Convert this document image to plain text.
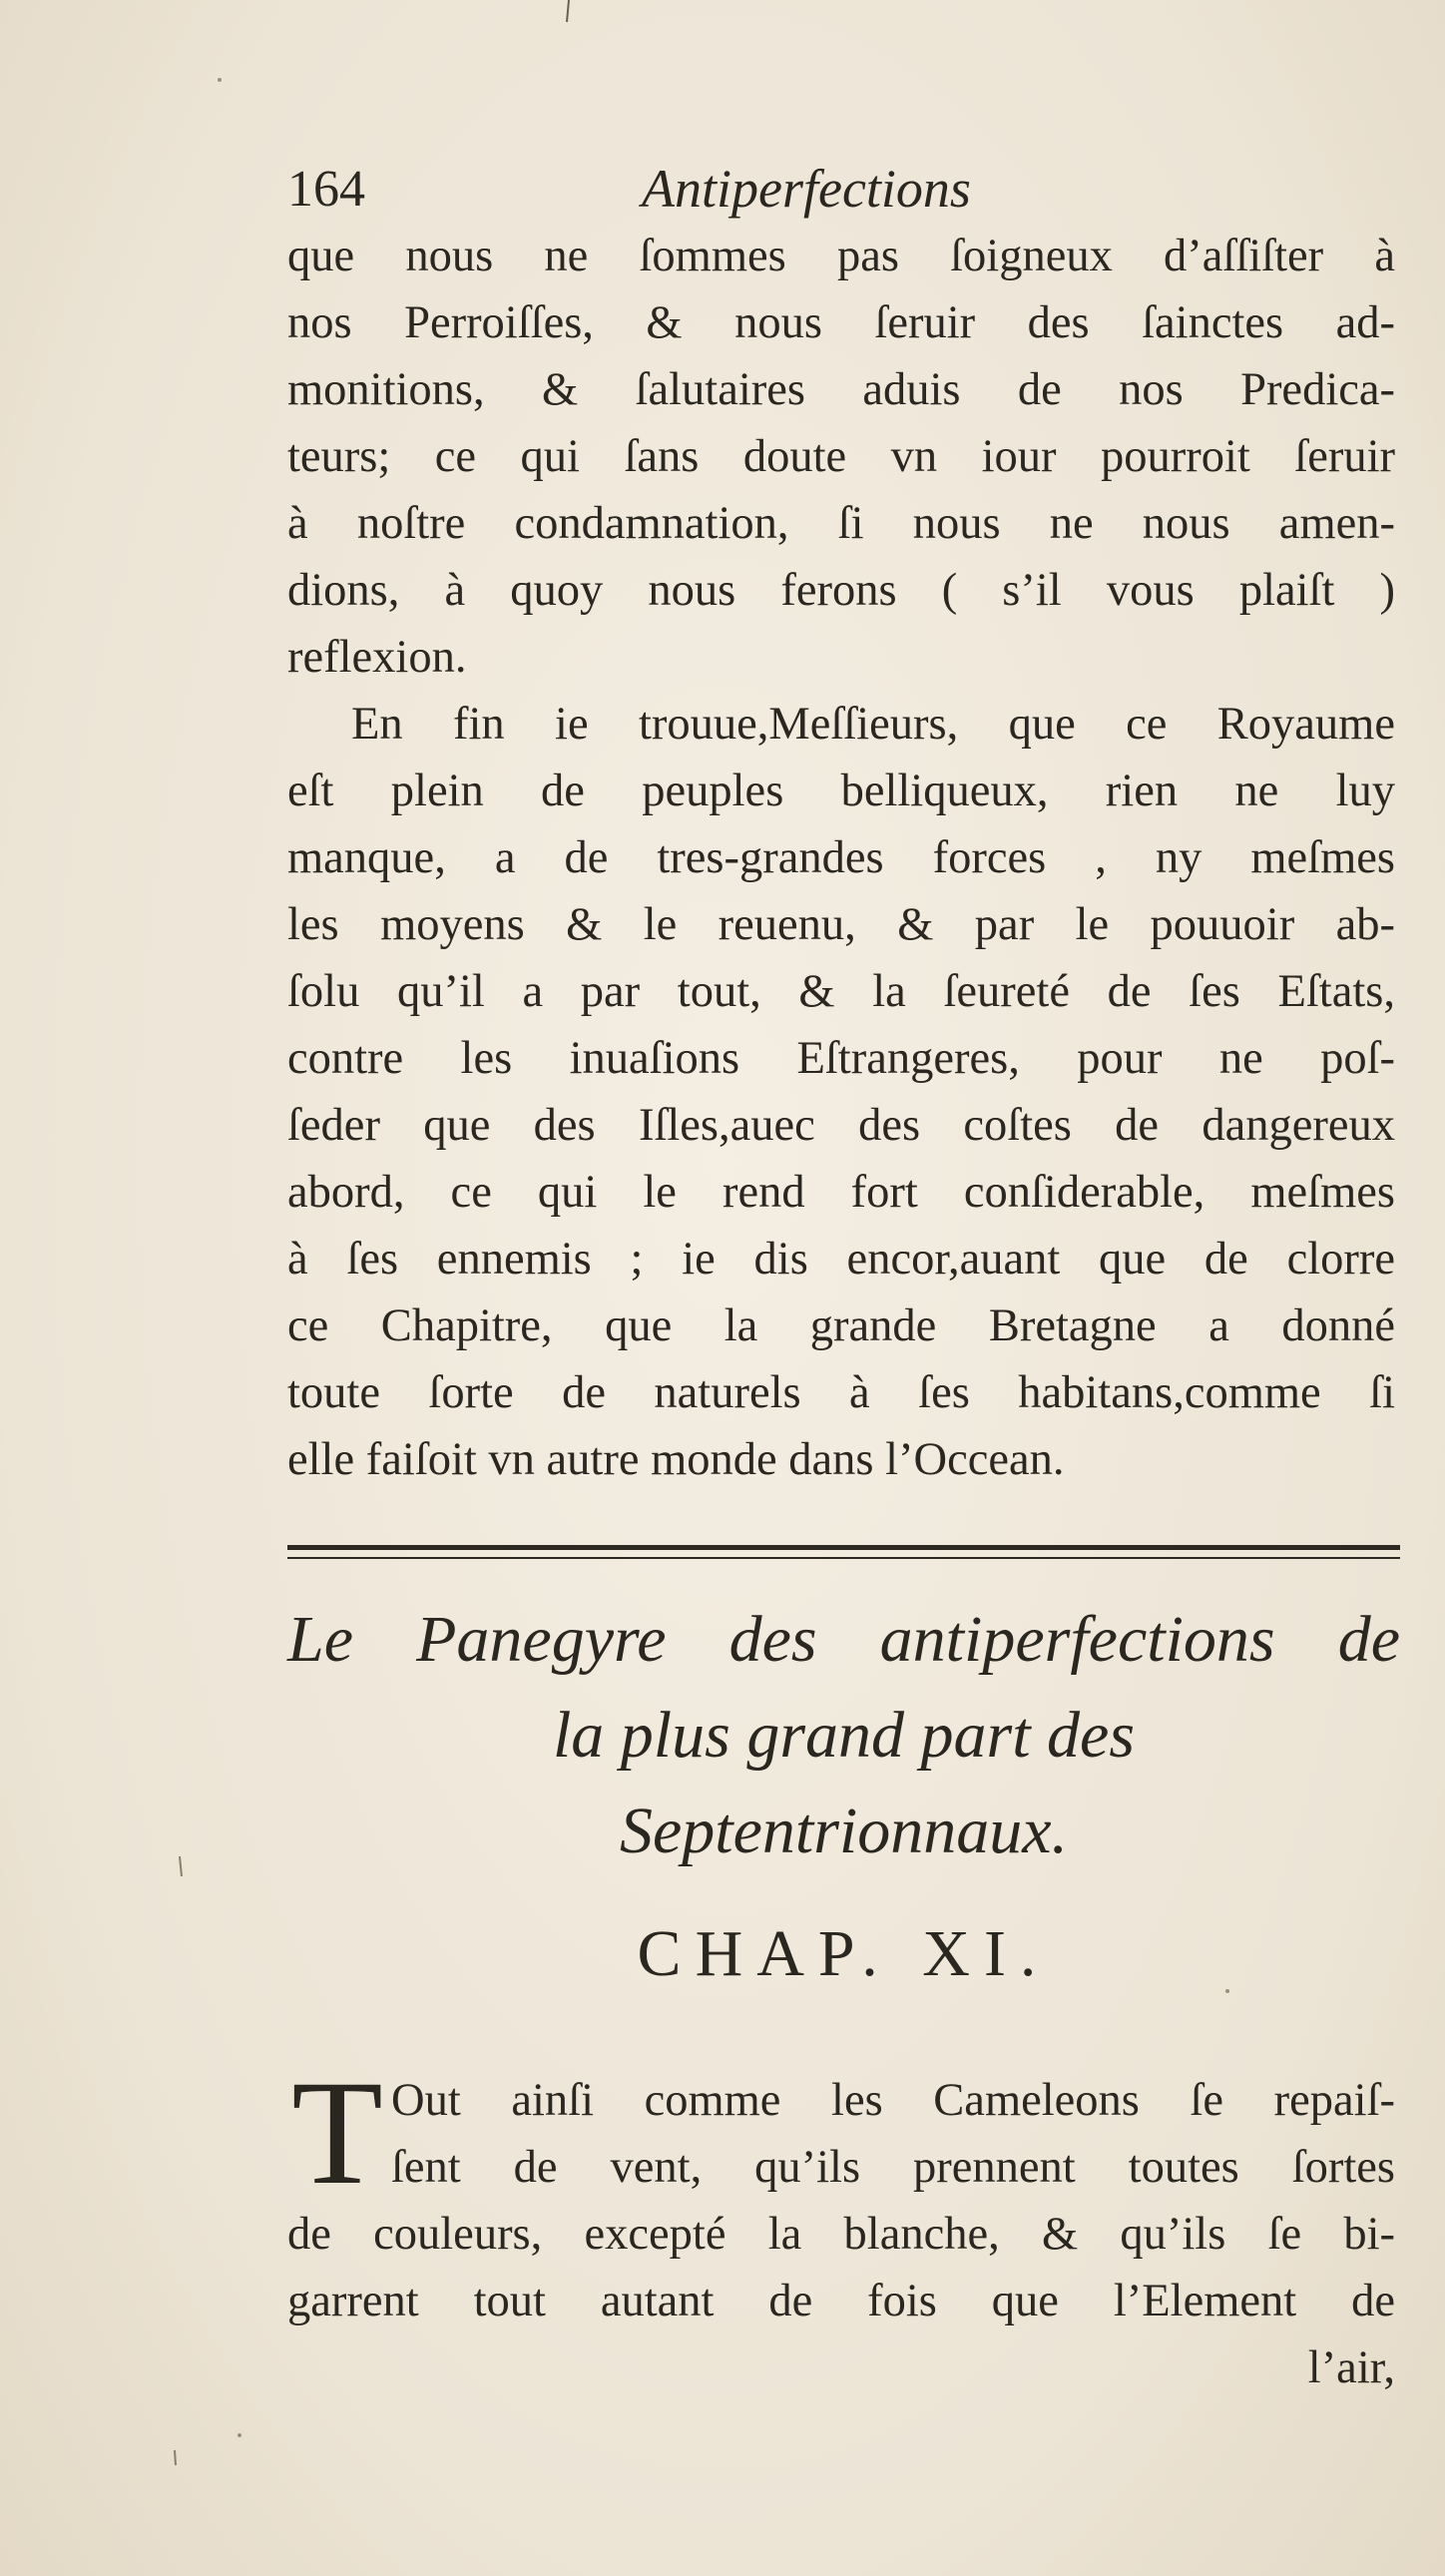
164	Antiperfections
que nous ne ſommes pas ſoigneux d’aſſiſter à
nos Perroiſſes, & nous ſeruir des ſainctes ad-
monitions, & ſalutaires aduis de nos Predica-
teurs; ce qui ſans doute vn iour pourroit ſeruir
à noſtre condamnation, ſi nous ne nous amen-
dions, à quoy nous ferons ( s’il vous plaiſt )
reflexion.
En fin ie trouue,Meſſieurs, que ce Royaume
eſt plein de peuples belliqueux, rien ne luy
manque, a de tres-grandes forces , ny meſmes
les moyens & le reuenu, & par le pouuoir ab-
ſolu qu’il a par tout, & la ſeureté de ſes Eſtats,
contre les inuaſions Eſtrangeres, pour ne poſ-
ſeder que des Iſles,auec des coſtes de dangereux
abord, ce qui le rend fort conſiderable, meſmes
à ſes ennemis ; ie dis encor,auant que de clorre
ce Chapitre, que la grande Bretagne a donné
toute ſorte de naturels à ſes habitans,comme ſi
elle faiſoit vn autre monde dans l’Occean.
Le Panegyre des antiperfections de
la plus grand part des
Septentrionnaux.
CHAP. XI.
T Out ainſi comme les Cameleons ſe repaiſ-
ſent de vent, qu’ils prennent toutes ſortes
de couleurs, excepté la blanche, & qu’ils ſe bi-
garrent tout autant de fois que l’Element de
l’air,
